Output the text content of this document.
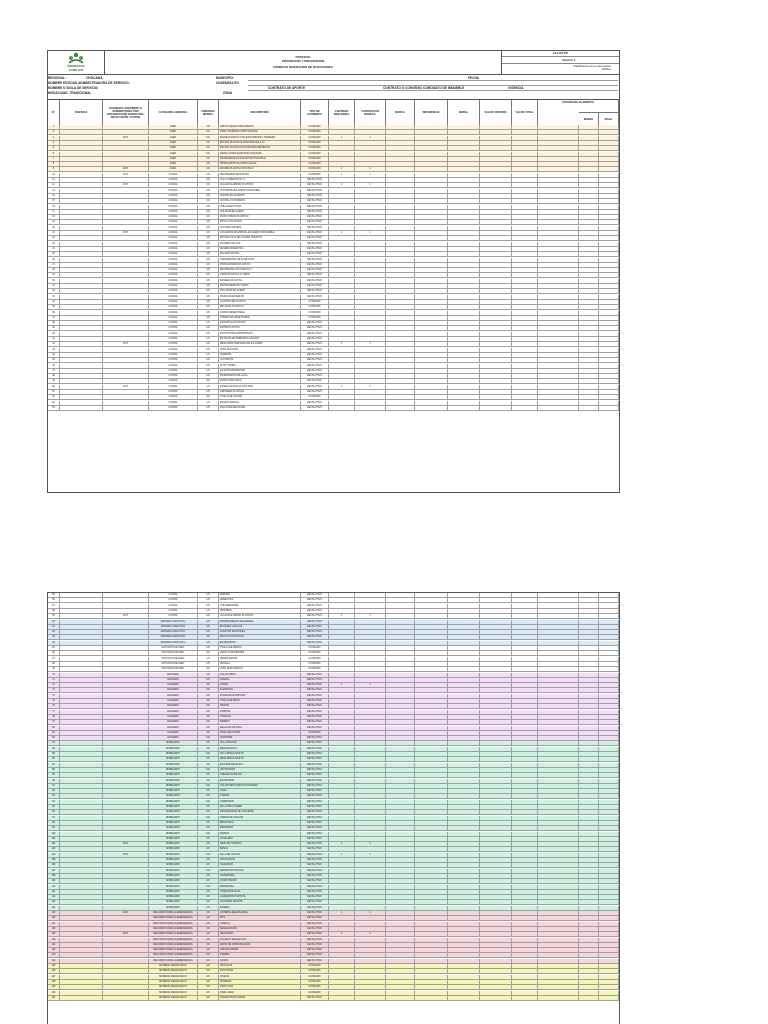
BIENESTAR
FAMILIAR
PROCESO
PROMOCIÓN Y PREVENCIÓN
FORMATO INVENTARIO DE DOTACIONES
F12.G5.PP
Versión 1
Clasificación de la Información
Pública
REGIONAL:	CHOCAMÁ	MUNICIPIO:
CHAPARALITO
FECHA
NOMBRE ENTIDAD ADMINISTRADORA DE SERVICIO:
NOMBRE O SIGLA DE SERVICIO:	CONTRATO DE APORTE	CONTRATO O CONVENIO COMODATO DE INMUEBLE	VIGENCIA
MODALIDAD: TRADICIONAL	ZONA
N°	VIGENCIA
ELEMENTO ADQUIRIDO O SUMINISTRADO POR ORGANIZACIÓN (DONACIÓN / DEVOLUCIÓN / OTROS)
CATEGORÍA GENERAL	UNIDADES MEDIDA	DESCRIPCIÓN	TIPO DE ELEMENTO
CANTIDAD REQUERIDA
CANTIDAD EN BODEGA	MARCA	REFERENCIA	SERIAL	VALOR UNITARIO	VALOR TOTAL
ESTADO DEL ELEMENTO
BUENO	MALO
1	ASEO	UN	JABÓN LÍQUIDO PARA MANOS	CONSUMO
2	ASEO	UN	PAPEL HIGIÉNICO INSTITUCIONAL	CONSUMO
3	2017	ASEO	UN	BALDE PLÁSTICO CON ESCURRIDOR Y TRAPERO	CONSUMO	1	1
4	ASEO	UN	BOLSAS PLÁSTICAS PARA BASURA X 10	CONSUMO
5	ASEO	UN	BOLSAS PLÁSTICAS ROJAS PARA RESIDUOS	CONSUMO
6	ASEO	UN	CEPILLO PARA SANITARIO CON BASE	CONSUMO
7	ASEO	UN	DETERGENTE EN POLVO INSTITUCIONAL	CONSUMO
8	ASEO	UN	HIPOCLORITO DE SODIO GALÓN	CONSUMO
9	2017	ASEO	UN	ESCOBA PLÁSTICA CON PALO	CONSUMO	1	1
10	2017	COCINA	UN	RECOGEDOR DE BASURA	CONSUMO	1	1
11	COCINA	UN	OLLA A PRESIÓN 10 LT	DEVOLUTIVO
12	2017	COCINA	UN	OLLA EN ALUMINIO 30 LITROS	DEVOLUTIVO	1	1
13	COCINA	UN	CUCHARÓN EN ACERO INOXIDABLE	DEVOLUTIVO
14	COCINA	UN	SARTÉN EN ALUMINIO	DEVOLUTIVO
15	COCINA	UN	CUCHILLO COCINERO	DEVOLUTIVO
16	COCINA	UN	TABLA PARA PICAR	DEVOLUTIVO
17	COCINA	UN	COLADOR EN ACERO	DEVOLUTIVO
18	COCINA	UN	PLATO HONDO PLÁSTICO	DEVOLUTIVO
19	COCINA	UN	POCILLO PLÁSTICO	DEVOLUTIVO
20	COCINA	UN	CUCHARA SOPERA	DEVOLUTIVO
21	2017	COCINA	UN	LICUADORA INDUSTRIAL EN ACERO INOXIDABLE	DEVOLUTIVO	1	1
22	COCINA	UN	ESTUFA A GAS DE CUATRO PUESTOS	DEVOLUTIVO
23	COCINA	UN	CILINDRO DE GAS	DEVOLUTIVO
24	COCINA	UN	NEVERA DOMÉSTICA	DEVOLUTIVO
25	COCINA	UN	BALANZA DIGITAL	DEVOLUTIVO
26	COCINA	UN	TERMÓMETRO DE ALIMENTOS	DEVOLUTIVO
27	COCINA	UN	PORTACOMIDAS PLÁSTICO	DEVOLUTIVO
28	COCINA	UN	RECIPIENTE CON TAPA 20 LT	DEVOLUTIVO
29	COCINA	UN	JARRA PLÁSTICA 2 LITROS	DEVOLUTIVO
30	COCINA	UN	BANDEJA PLÁSTICA	DEVOLUTIVO
31	COCINA	UN	ESPUMADERA EN ACERO	DEVOLUTIVO
32	COCINA	UN	RALLADOR EN ACERO	DEVOLUTIVO
33	COCINA	UN	PINZAS PARA SERVIR	DEVOLUTIVO
34	COCINA	UN	GUANTES DE CAUCHO	CONSUMO
35	COCINA	UN	DELANTAL PLÁSTICO	CONSUMO
36	COCINA	UN	GORRO DESECHABLE	CONSUMO
37	COCINA	UN	TAPABOCAS DESECHABLE	CONSUMO
38	COCINA	UN	CANASTILLA PLÁSTICA	DEVOLUTIVO
39	COCINA	UN	ESTIBA PLÁSTICA	DEVOLUTIVO
40	COCINA	UN	EXTINTOR MULTIPROPÓSITO	DEVOLUTIVO
41	COCINA	UN	BOTIQUÍN DE PRIMEROS AUXILIOS	DEVOLUTIVO
42	2017	COCINA	UN	MESA PARA PREPARACIÓN EN ACERO	DEVOLUTIVO	1	1
43	COCINA	UN	VASO PLÁSTICO	DEVOLUTIVO
44	COCINA	UN	TENEDOR	DEVOLUTIVO
45	COCINA	UN	CUCHARITA	DEVOLUTIVO
46	COCINA	UN	PLATO PANDO	DEVOLUTIVO
47	COCINA	UN	CAJA ORGANIZADORA	DEVOLUTIVO
48	COCINA	UN	DISPENSADOR DE AGUA	DEVOLUTIVO
49	COCINA	UN	FILTRO PARA AGUA	DEVOLUTIVO
50	2017	COCINA	UN	CANECA PLÁSTICA CON TAPA	DEVOLUTIVO	1	1
51	COCINA	UN	JABONERA PLÁSTICA	DEVOLUTIVO
52	COCINA	UN	TOALLA DE COCINA	CONSUMO
53	COCINA	UN	MOLINO MANUAL	DEVOLUTIVO
54	COCINA	UN	PALA PARA REVOLVER	DEVOLUTIVO
55	COCINA	UN	EMBUDO	DEVOLUTIVO
56	COCINA	UN	ABRELATAS	DEVOLUTIVO
57	COCINA	UN	TAZA MEDIDORA	DEVOLUTIVO
58	COCINA	UN	MORTERO	DEVOLUTIVO
59	2017	COCINA	UN	OLLA EN ALUMINIO 20 LITROS	DEVOLUTIVO	1	1
60	MATERIAL DIDÁCTICO	UN	ROMPECABEZAS DE MADERA	DEVOLUTIVO
61	MATERIAL DIDÁCTICO	UN	BLOQUES LÓGICOS	DEVOLUTIVO
62	MATERIAL DIDÁCTICO	UN	CUENTOS INFANTILES	DEVOLUTIVO
63	MATERIAL DIDÁCTICO	UN	PELOTAS PLÁSTICAS	DEVOLUTIVO
64	MATERIAL DIDÁCTICO	UN	ENSARTADOS	DEVOLUTIVO
65	DOTACIÓN DE ASEO	UN	TOALLA DE MANOS	CONSUMO
66	DOTACIÓN DE ASEO	UN	CEPILLO DE DIENTES	CONSUMO
67	DOTACIÓN DE ASEO	UN	CREMA DENTAL	CONSUMO
68	DOTACIÓN DE ASEO	UN	PEINILLA	CONSUMO
69	DOTACIÓN DE ASEO	UN	VASO PARA CEPILLO	CONSUMO
70	LENCERÍA	UN	COLCHONETA	DEVOLUTIVO
71	LENCERÍA	UN	SÁBANA	DEVOLUTIVO
72	LENCERÍA	UN	COBIJA	DEVOLUTIVO	1	1
73	LENCERÍA	UN	ALMOHADA	DEVOLUTIVO
74	LENCERÍA	UN	FUNDA DE ALMOHADA	DEVOLUTIVO
75	LENCERÍA	UN	TOALLA DE BAÑO	DEVOLUTIVO
76	LENCERÍA	UN	MANTEL	DEVOLUTIVO
77	LENCERÍA	UN	CORTINA	DEVOLUTIVO
78	LENCERÍA	UN	TOLDILLO	DEVOLUTIVO
79	LENCERÍA	UN	BABERO	DEVOLUTIVO
80	LENCERÍA	UN	DELANTAL DE TELA	DEVOLUTIVO
81	LENCERÍA	UN	PAÑO MULTIUSOS	CONSUMO
82	LENCERÍA	UN	UNIFORME	DEVOLUTIVO
83	MOBILIARIO	UN	SILLA INFANTIL	DEVOLUTIVO
84	MOBILIARIO	UN	MESA INFANTIL	DEVOLUTIVO
85	MOBILIARIO	UN	SILLA RIMAX ADULTO	DEVOLUTIVO
86	MOBILIARIO	UN	MESA RIMAX ADULTO	DEVOLUTIVO
87	MOBILIARIO	UN	ESTANTE METÁLICO	DEVOLUTIVO
88	MOBILIARIO	UN	ARCHIVADOR	DEVOLUTIVO
89	MOBILIARIO	UN	TABLERO ACRÍLICO	DEVOLUTIVO
90	MOBILIARIO	UN	ESCRITORIO	DEVOLUTIVO
91	MOBILIARIO	UN	COLCHONETA PARA ACTIVIDADES	DEVOLUTIVO
92	MOBILIARIO	UN	CUNA	DEVOLUTIVO
93	MOBILIARIO	UN	CORRAL	DEVOLUTIVO
94	MOBILIARIO	UN	CAMBIADOR	DEVOLUTIVO
95	MOBILIARIO	UN	SILLA PARA COMER	DEVOLUTIVO
96	MOBILIARIO	UN	ORGANIZADOR DE JUGUETES	DEVOLUTIVO
97	MOBILIARIO	UN	TAPETE DE CAUCHO	DEVOLUTIVO
98	MOBILIARIO	UN	BIBLIOTECA	DEVOLUTIVO
99	MOBILIARIO	UN	PERCHERO	DEVOLUTIVO
100	MOBILIARIO	UN	ESPEJO	DEVOLUTIVO
101	MOBILIARIO	UN	CASILLERO	DEVOLUTIVO
102	2017	MOBILIARIO	UN	MESA DE TRABAJO	DEVOLUTIVO	1	1
103	MOBILIARIO	UN	BANCA	DEVOLUTIVO
104	2017	MOBILIARIO	UN	SILLA DE OFICINA	DEVOLUTIVO	1	1
105	MOBILIARIO	UN	VENTILADOR	DEVOLUTIVO
106	MOBILIARIO	UN	TELEVISOR	DEVOLUTIVO
107	MOBILIARIO	UN	REPRODUCTOR DVD	DEVOLUTIVO
108	MOBILIARIO	UN	GRABADORA	DEVOLUTIVO
109	MOBILIARIO	UN	COMPUTADOR	DEVOLUTIVO
110	MOBILIARIO	UN	IMPRESORA	DEVOLUTIVO
111	MOBILIARIO	UN	TANQUE DE AGUA	DEVOLUTIVO
112	MOBILIARIO	UN	LAVAMANOS PORTÁTIL	DEVOLUTIVO
113	MOBILIARIO	UN	SANITARIO INFANTIL	DEVOLUTIVO
114	MOBILIARIO	UN	BAÑERA	DEVOLUTIVO
115	2017	RECURSOS PARA LA EMERGENCIA	UN	LINTERNA RECARGABLE	DEVOLUTIVO	1	1
116	RECURSOS PARA LA EMERGENCIA	UN	PITO	DEVOLUTIVO
117	RECURSOS PARA LA EMERGENCIA	UN	CAMILLA	DEVOLUTIVO
118	RECURSOS PARA LA EMERGENCIA	UN	SEÑALIZACIÓN	DEVOLUTIVO
119	2017	RECURSOS PARA LA EMERGENCIA	UN	MEGÁFONO	DEVOLUTIVO	1	1
120	RECURSOS PARA LA EMERGENCIA	UN	CHALECO REFLECTIVO	DEVOLUTIVO
121	RECURSOS PARA LA EMERGENCIA	UN	RADIO DE COMUNICACIÓN	DEVOLUTIVO
122	RECURSOS PARA LA EMERGENCIA	UN	INMOVILIZADOR	DEVOLUTIVO
123	RECURSOS PARA LA EMERGENCIA	UN	CUERDA	DEVOLUTIVO
124	RECURSOS PARA LA EMERGENCIA	UN	CASCO	DEVOLUTIVO
125	MATERIAL PEDAGÓGICO	UN	CRAYOLAS	CONSUMO
126	MATERIAL PEDAGÓGICO	UN	PLASTILINA	CONSUMO
127	MATERIAL PEDAGÓGICO	UN	VINILOS	CONSUMO
128	MATERIAL PEDAGÓGICO	UN	PINCELES	CONSUMO
129	MATERIAL PEDAGÓGICO	UN	CARTULINA	CONSUMO
130	MATERIAL PEDAGÓGICO	UN	PAPEL SEDA	CONSUMO
131	MATERIAL PEDAGÓGICO	UN	TIJERAS PUNTA ROMA	DEVOLUTIVO
